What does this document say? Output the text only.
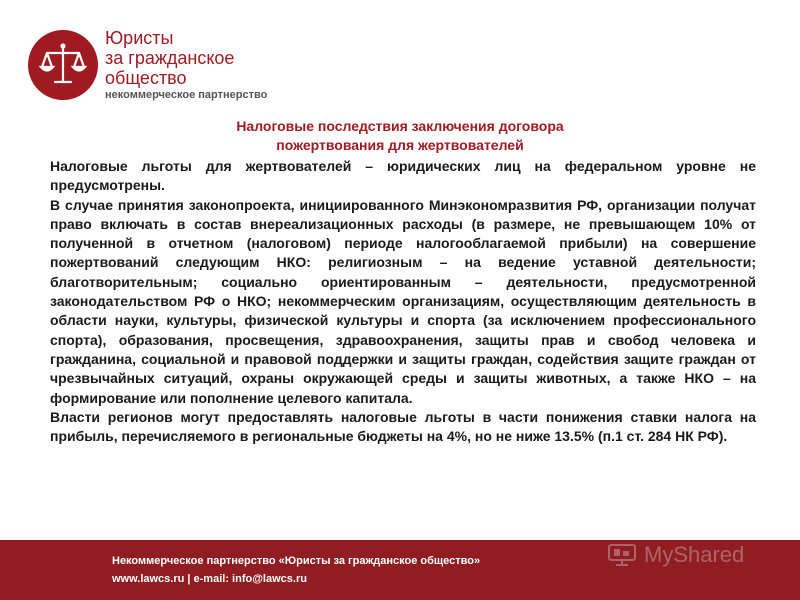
Юристы
за гражданское
общество
некоммерческое партнерство
Налоговые последствия заключения договора
пожертвования для жертвователей

Налоговые льготы для жертвователей – юридических лиц на федеральном уровне не предусмотрены.

В случае принятия законопроекта, инициированного Минэкономразвития РФ, организации получат право включать в состав внереализационных расходы (в размере, не превышающем 10% от полученной в отчетном (налоговом) периоде налогооблагаемой прибыли) на совершение пожертвований следующим НКО: религиозным – на ведение уставной деятельности; благотворительным; социально ориентированным – деятельности, предусмотренной законодательством РФ о НКО; некоммерческим организациям, осуществляющим деятельность в области науки, культуры, физической культуры и спорта (за исключением профессионального спорта), образования, просвещения, здравоохранения, защиты прав и свобод человека и гражданина, социальной и правовой поддержки и защиты граждан, содействия защите граждан от чрезвычайных ситуаций, охраны окружающей среды и защиты животных, а также НКО – на формирование или пополнение целевого капитала.

Власти регионов могут предоставлять налоговые льготы в части понижения ставки налога на прибыль, перечисляемого в региональные бюджеты на 4%, но не ниже 13.5% (п.1 ст. 284 НК РФ).

Некоммерческое партнерство «Юристы за гражданское общество»
www.lawcs.ru | e-mail: info@lawcs.ru
MyShared
